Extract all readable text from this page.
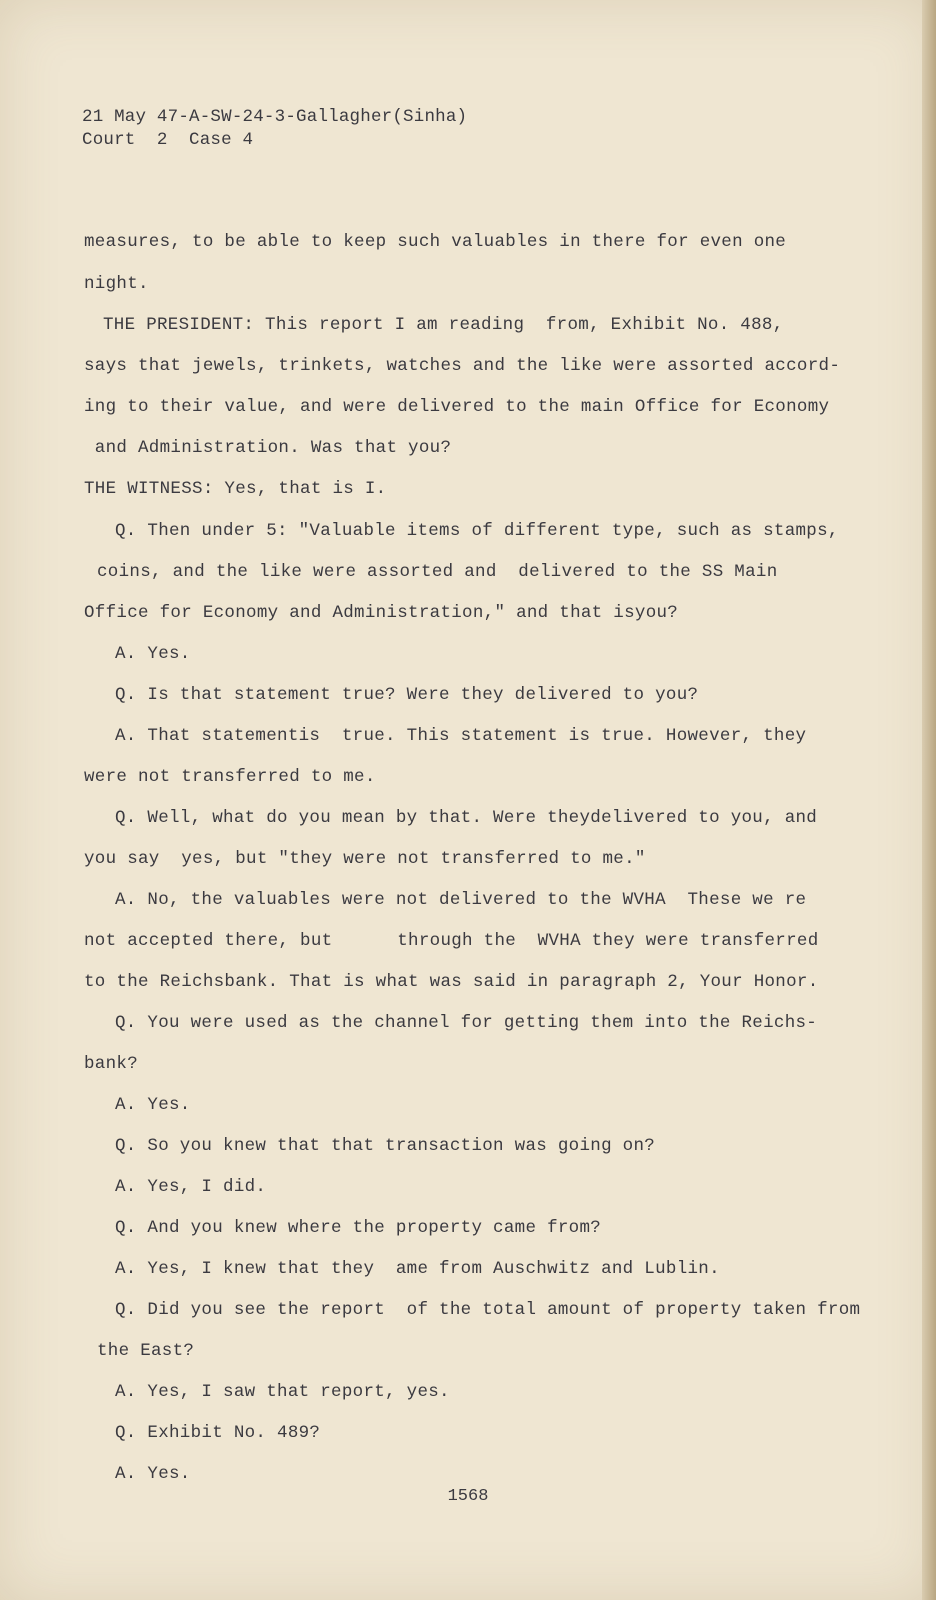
21 May 47-A-SW-24-3-Gallagher(Sinha)
Court  2  Case 4
measures, to be able to keep such valuables in there for even one
night.
THE PRESIDENT: This report I am reading  from, Exhibit No. 488,
says that jewels, trinkets, watches and the like were assorted accord-
ing to their value, and were delivered to the main Office for Economy
and Administration. Was that you?
THE WITNESS: Yes, that is I.
Q. Then under 5: "Valuable items of different type, such as stamps,
coins, and the like were assorted and  delivered to the SS Main
Office for Economy and Administration," and that isyou?
A. Yes.
Q. Is that statement true? Were they delivered to you?
A. That statementis  true. This statement is true. However, they
were not transferred to me.
Q. Well, what do you mean by that. Were theydelivered to you, and
you say  yes, but "they were not transferred to me."
A. No, the valuables were not delivered to the WVHA  These we re
not accepted there, but      through the  WVHA they were transferred
to the Reichsbank. That is what was said in paragraph 2, Your Honor.
Q. You were used as the channel for getting them into the Reichs-
bank?
A. Yes.
Q. So you knew that that transaction was going on?
A. Yes, I did.
Q. And you knew where the property came from?
A. Yes, I knew that they  ame from Auschwitz and Lublin.
Q. Did you see the report  of the total amount of property taken from
the East?
A. Yes, I saw that report, yes.
Q. Exhibit No. 489?
A. Yes.
1568
